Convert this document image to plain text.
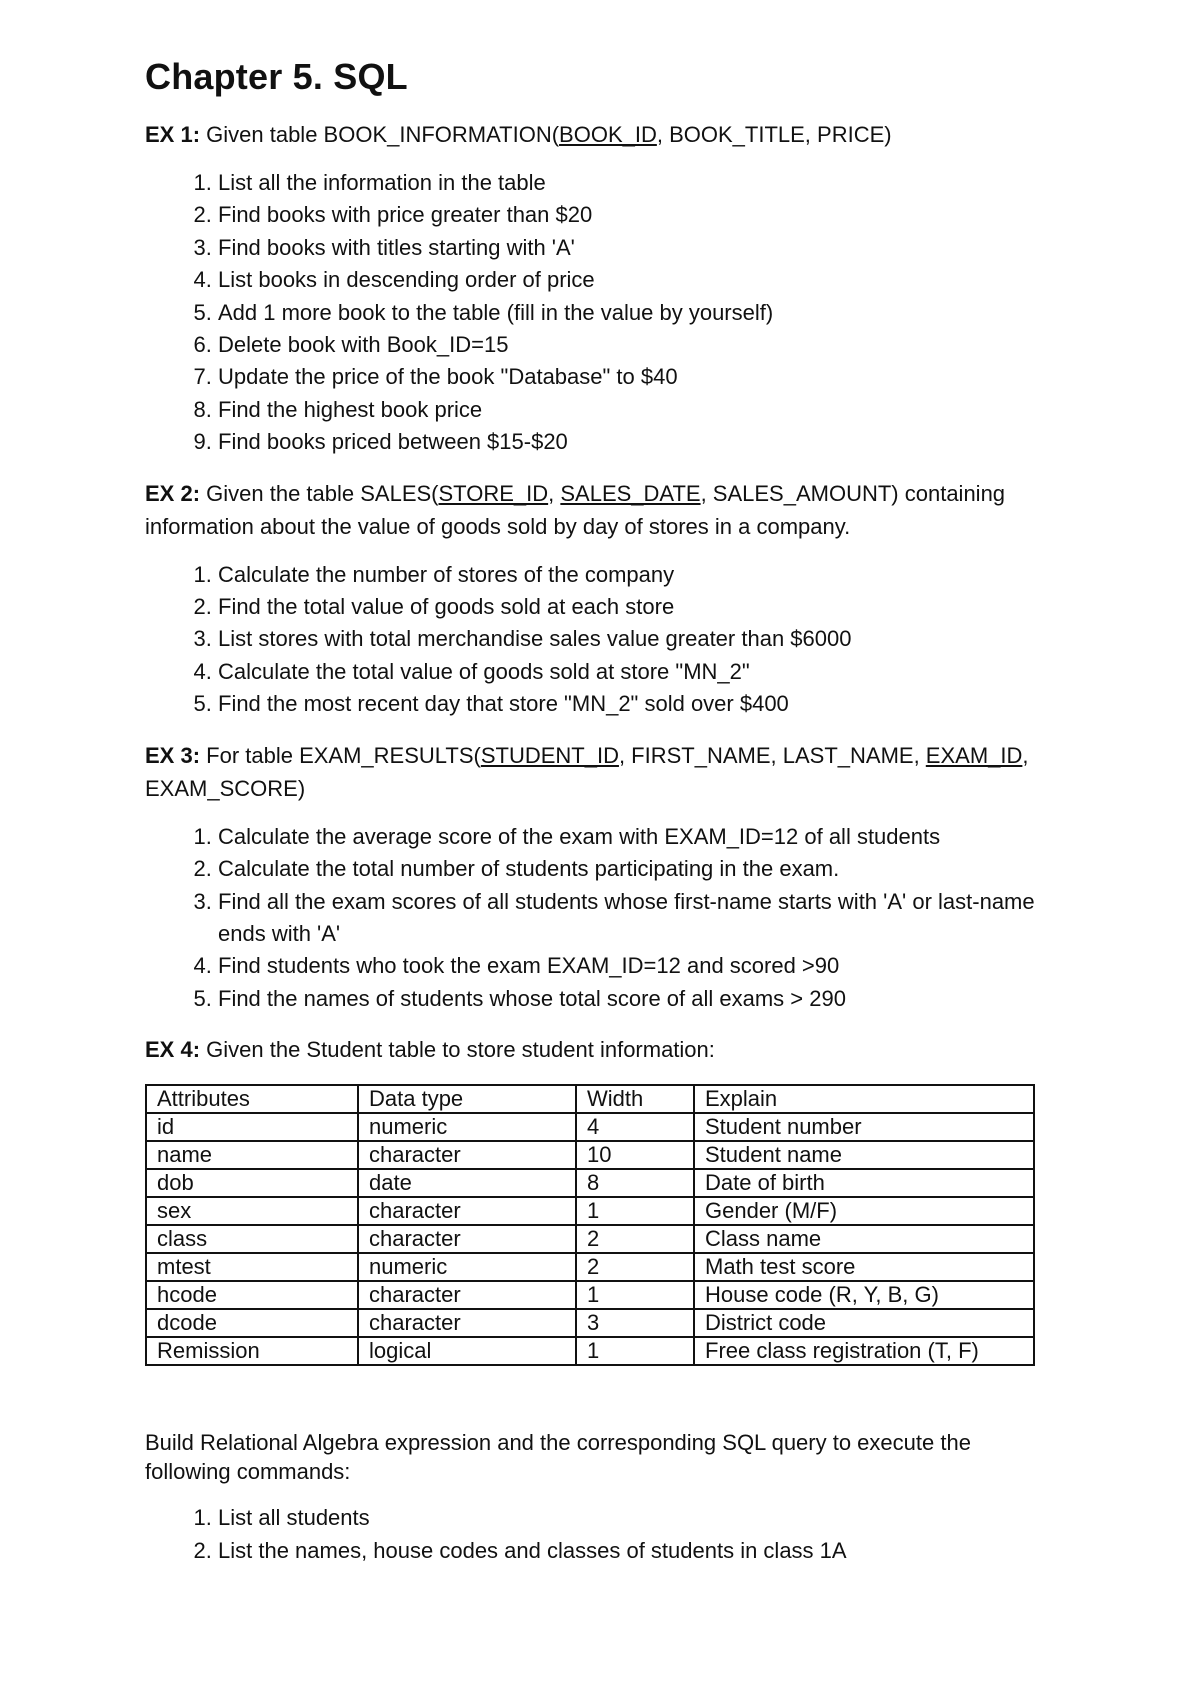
Chapter 5. SQL

EX 1: Given table BOOK_INFORMATION(BOOK_ID, BOOK_TITLE, PRICE)

1. List all the information in the table
2. Find books with price greater than $20
3. Find books with titles starting with 'A'
4. List books in descending order of price
5. Add 1 more book to the table (fill in the value by yourself)
6. Delete book with Book_ID=15
7. Update the price of the book "Database" to $40
8. Find the highest book price
9. Find books priced between $15-$20

EX 2: Given the table SALES(STORE_ID, SALES_DATE, SALES_AMOUNT) containing information about the value of goods sold by day of stores in a company.

1. Calculate the number of stores of the company
2. Find the total value of goods sold at each store
3. List stores with total merchandise sales value greater than $6000
4. Calculate the total value of goods sold at store "MN_2"
5. Find the most recent day that store "MN_2" sold over $400

EX 3: For table EXAM_RESULTS(STUDENT_ID, FIRST_NAME, LAST_NAME, EXAM_ID, EXAM_SCORE)

1. Calculate the average score of the exam with EXAM_ID=12 of all students
2. Calculate the total number of students participating in the exam.
3. Find all the exam scores of all students whose first-name starts with 'A' or last-name ends with 'A'
4. Find students who took the exam EXAM_ID=12 and scored >90
5. Find the names of students whose total score of all exams > 290

EX 4: Given the Student table to store student information:

Attributes	Data type	Width	Explain
id	numeric	4	Student number
name	character	10	Student name
dob	date	8	Date of birth
sex	character	1	Gender (M/F)
class	character	2	Class name
mtest	numeric	2	Math test score
hcode	character	1	House code (R, Y, B, G)
dcode	character	3	District code
Remission	logical	1	Free class registration (T, F)

Build Relational Algebra expression and the corresponding SQL query to execute the following commands:

1. List all students
2. List the names, house codes and classes of students in class 1A
